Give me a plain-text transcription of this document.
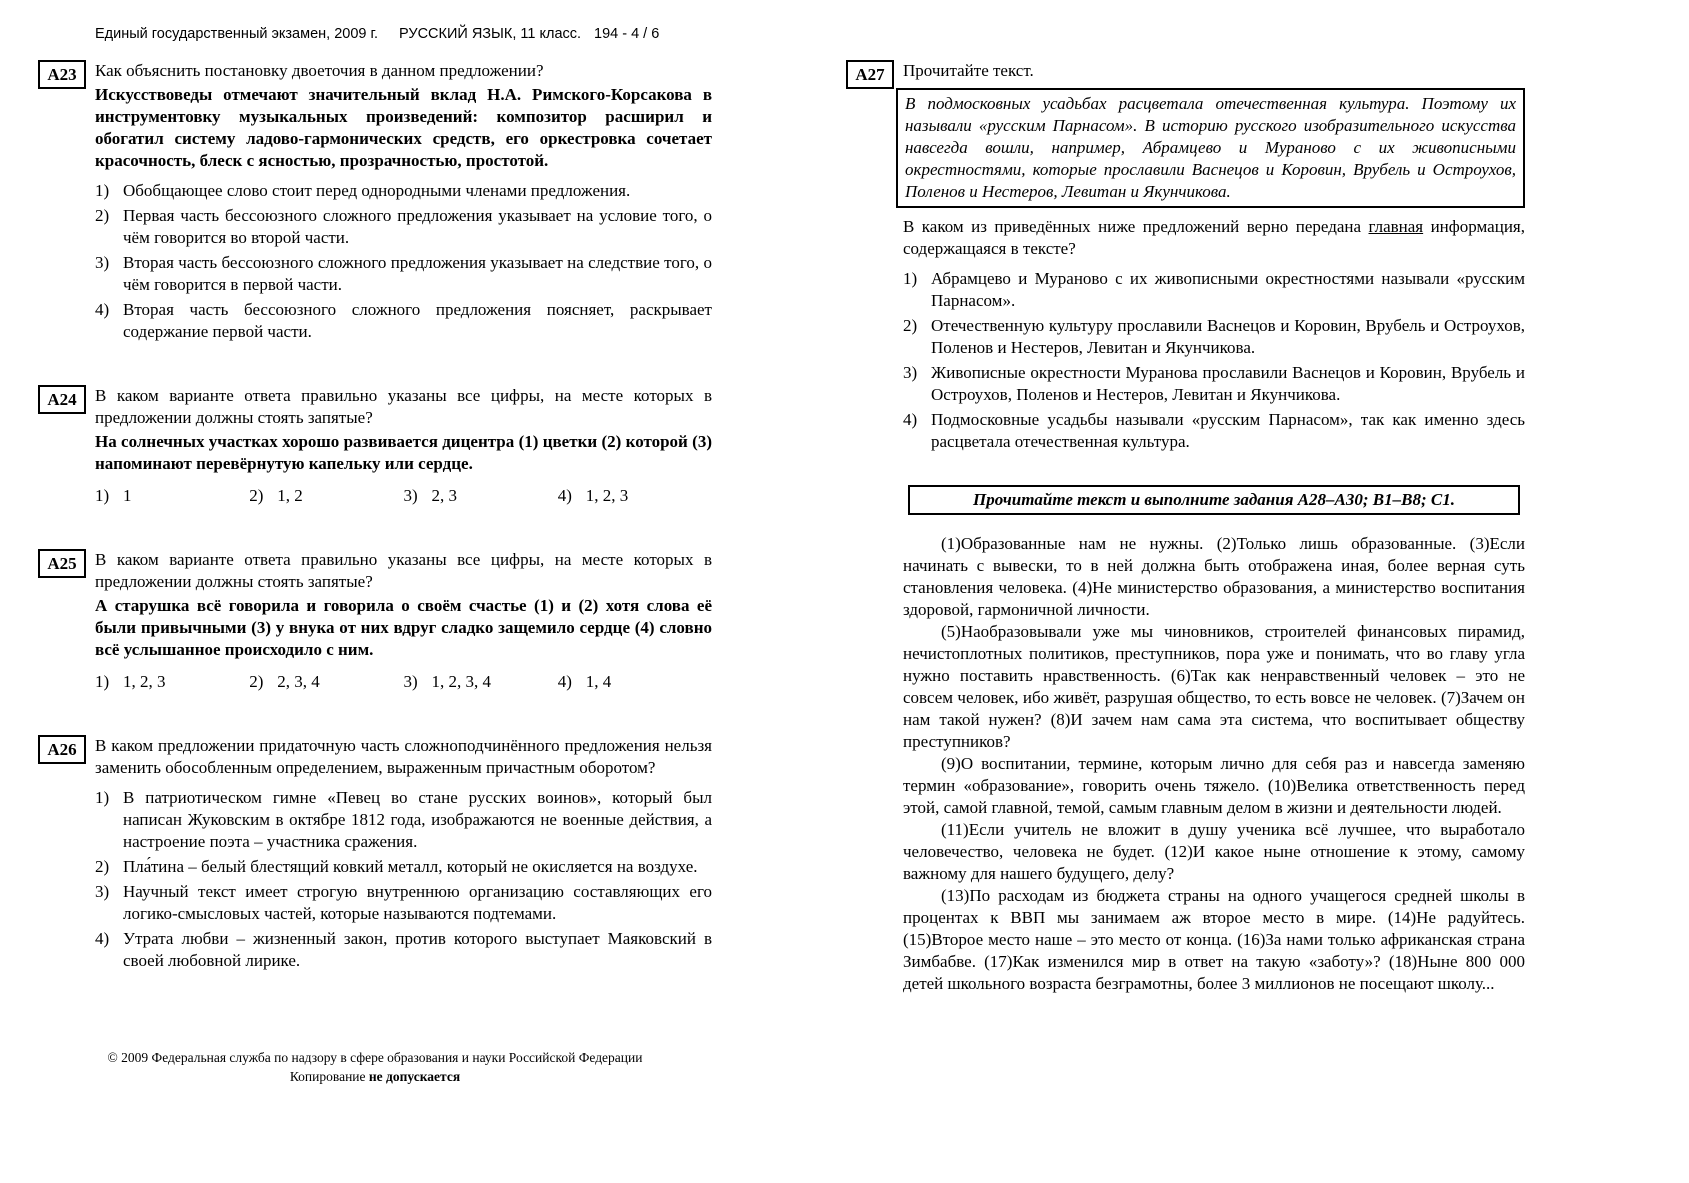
Единый государственный экзамен, 2009 г. РУССКИЙ ЯЗЫК, 11 класс. 194 - 4 / 6
А23	Как объяснить постановку двоеточия в данном предложении?
Искусствоведы отмечают значительный вклад Н.А. Римского-Корсакова в инструментовку музыкальных произведений: композитор расширил и обогатил систему ладово-гармонических средств, его оркестровка сочетает красочность, блеск с ясностью, прозрачностью, простотой.
1) Обобщающее слово стоит перед однородными членами предложения.
2) Первая часть бессоюзного сложного предложения указывает на условие того, о чём говорится во второй части.
3) Вторая часть бессоюзного сложного предложения указывает на следствие того, о чём говорится в первой части.
4) Вторая часть бессоюзного сложного предложения поясняет, раскрывает содержание первой части.
А24	В каком варианте ответа правильно указаны все цифры, на месте которых в предложении должны стоять запятые?
На солнечных участках хорошо развивается дицентра (1) цветки (2) которой (3) напоминают перевёрнутую капельку или сердце.
1) 1	2) 1, 2	3) 2, 3	4) 1, 2, 3
А25	В каком варианте ответа правильно указаны все цифры, на месте которых в предложении должны стоять запятые?
А старушка всё говорила и говорила о своём счастье (1) и (2) хотя слова её были привычными (3) у внука от них вдруг сладко защемило сердце (4) словно всё услышанное происходило с ним.
1) 1, 2, 3	2) 2, 3, 4	3) 1, 2, 3, 4	4) 1, 4
А26	В каком предложении придаточную часть сложноподчинённого предложения нельзя заменить обособленным определением, выраженным причастным оборотом?
1) В патриотическом гимне «Певец во стане русских воинов», который был написан Жуковским в октябре 1812 года, изображаются не военные действия, а настроение поэта – участника сражения.
2) Пла́тина – белый блестящий ковкий металл, который не окисляется на воздухе.
3) Научный текст имеет строгую внутреннюю организацию составляющих его логико-смысловых частей, которые называются подтемами.
4) Утрата любви – жизненный закон, против которого выступает Маяковский в своей любовной лирике.
А27	Прочитайте текст.
В подмосковных усадьбах расцветала отечественная культура. Поэтому их называли «русским Парнасом». В историю русского изобразительного искусства навсегда вошли, например, Абрамцево и Мураново с их живописными окрестностями, которые прославили Васнецов и Коровин, Врубель и Остроухов, Поленов и Нестеров, Левитан и Якунчикова.
В каком из приведённых ниже предложений верно передана главная информация, содержащаяся в тексте?
1) Абрамцево и Мураново с их живописными окрестностями называли «русским Парнасом».
2) Отечественную культуру прославили Васнецов и Коровин, Врубель и Остроухов, Поленов и Нестеров, Левитан и Якунчикова.
3) Живописные окрестности Муранова прославили Васнецов и Коровин, Врубель и Остроухов, Поленов и Нестеров, Левитан и Якунчикова.
4) Подмосковные усадьбы называли «русским Парнасом», так как именно здесь расцветала отечественная культура.
Прочитайте текст и выполните задания А28–А30; В1–В8; С1.
(1)Образованные нам не нужны. (2)Только лишь образованные. (3)Если начинать с вывески, то в ней должна быть отображена иная, более верная суть становления человека. (4)Не министерство образования, а министерство воспитания здоровой, гармоничной личности.
(5)Наобразовывали уже мы чиновников, строителей финансовых пирамид, нечистоплотных политиков, преступников, пора уже и понимать, что во главу угла нужно поставить нравственность. (6)Так как ненравственный человек – это не совсем человек, ибо живёт, разрушая общество, то есть вовсе не человек. (7)Зачем он нам такой нужен? (8)И зачем нам сама эта система, что воспитывает обществу преступников?
(9)О воспитании, термине, которым лично для себя раз и навсегда заменяю термин «образование», говорить очень тяжело. (10)Велика ответственность перед этой, самой главной, темой, самым главным делом в жизни и деятельности людей.
(11)Если учитель не вложит в душу ученика всё лучшее, что выработало человечество, человека не будет. (12)И какое ныне отношение к этому, самому важному для нашего будущего, делу?
(13)По расходам из бюджета страны на одного учащегося средней школы в процентах к ВВП мы занимаем аж второе место в мире. (14)Не радуйтесь. (15)Второе место наше – это место от конца. (16)За нами только африканская страна Зимбабве. (17)Как изменился мир в ответ на такую «заботу»? (18)Ныне 800 000 детей школьного возраста безграмотны, более 3 миллионов не посещают школу...
© 2009 Федеральная служба по надзору в сфере образования и науки Российской Федерации
Копирование не допускается
